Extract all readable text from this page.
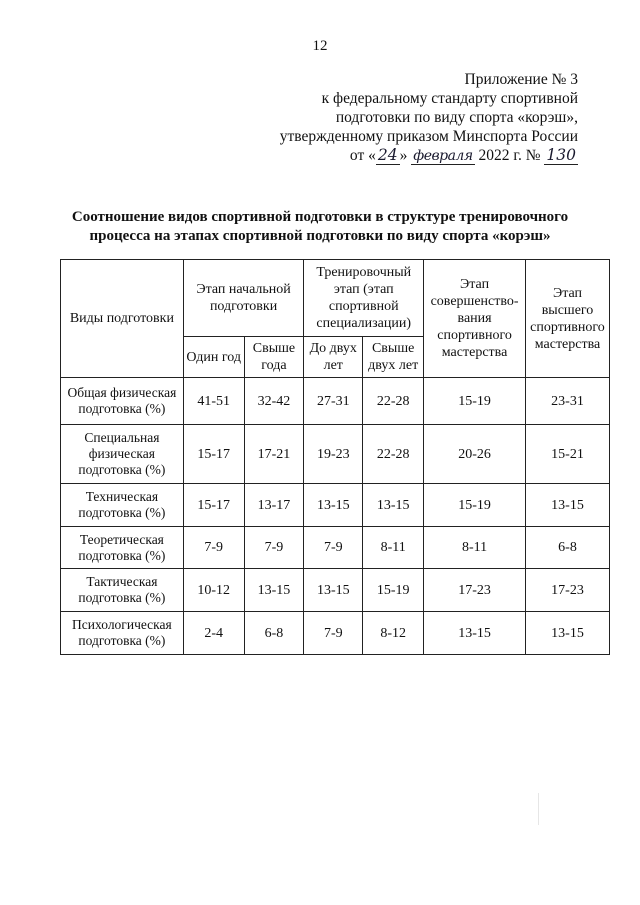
12
Приложение № 3
к федеральному стандарту спортивной
подготовки по виду спорта «корэш»,
утвержденному приказом Минспорта России
от « 24 » февраля 2022 г. № 130
Соотношение видов спортивной подготовки в структуре тренировочного
процесса на этапах спортивной подготовки по виду спорта «корэш»
Виды подготовки	Этап начальной подготовки		Тренировочный этап (этап спортивной специализации)		Этап совершенство-вания спортивного мастерства	Этап высшего спортивного мастерства
	Один год	Свыше года	До двух лет	Свыше двух лет		
Общая физическая подготовка (%)	41-51	32-42	27-31	22-28	15-19	23-31
Специальная физическая подготовка (%)	15-17	17-21	19-23	22-28	20-26	15-21
Техническая подготовка (%)	15-17	13-17	13-15	13-15	15-19	13-15
Теоретическая подготовка (%)	7-9	7-9	7-9	8-11	8-11	6-8
Тактическая подготовка (%)	10-12	13-15	13-15	15-19	17-23	17-23
Психологическая подготовка (%)	2-4	6-8	7-9	8-12	13-15	13-15
